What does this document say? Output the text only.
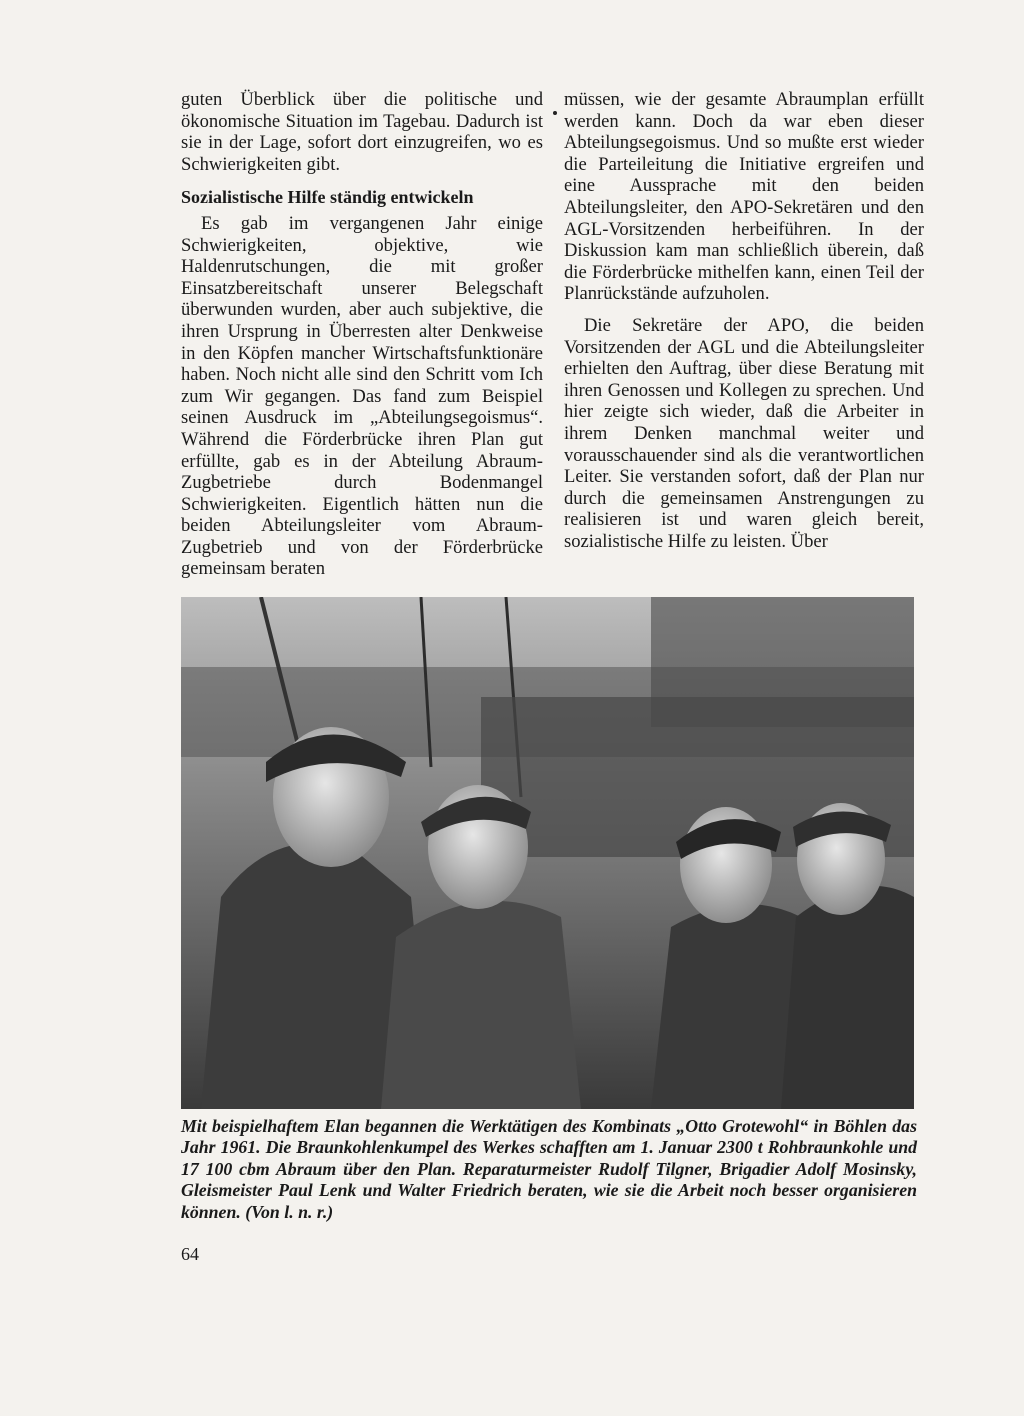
guten Überblick über die politische und ökonomische Situation im Tagebau. Dadurch ist sie in der Lage, sofort dort einzugreifen, wo es Schwierigkeiten gibt.

Sozialistische Hilfe ständig entwickeln

Es gab im vergangenen Jahr einige Schwierigkeiten, objektive, wie Haldenrutschungen, die mit großer Einsatzbereitschaft unserer Belegschaft überwunden wurden, aber auch subjektive, die ihren Ursprung in Überresten alter Denkweise in den Köpfen mancher Wirtschaftsfunktionäre haben. Noch nicht alle sind den Schritt vom Ich zum Wir gegangen. Das fand zum Beispiel seinen Ausdruck im „Abteilungsegoismus“. Während die Förderbrücke ihren Plan gut erfüllte, gab es in der Abteilung Abraum-Zugbetriebe durch Bodenmangel Schwierigkeiten. Eigentlich hätten nun die beiden Abteilungsleiter vom Abraum-Zugbetrieb und von der Förderbrücke gemeinsam beraten

müssen, wie der gesamte Abraumplan erfüllt werden kann. Doch da war eben dieser Abteilungsegoismus. Und so mußte erst wieder die Parteileitung die Initiative ergreifen und eine Aussprache mit den beiden Abteilungsleiter, den APO-Sekretären und den AGL-Vorsitzenden herbeiführen. In der Diskussion kam man schließlich überein, daß die Förderbrücke mithelfen kann, einen Teil der Planrückstände aufzuholen.

Die Sekretäre der APO, die beiden Vorsitzenden der AGL und die Abteilungsleiter erhielten den Auftrag, über diese Beratung mit ihren Genossen und Kollegen zu sprechen. Und hier zeigte sich wieder, daß die Arbeiter in ihrem Denken manchmal weiter und vorausschauender sind als die verantwortlichen Leiter. Sie verstanden sofort, daß der Plan nur durch die gemeinsamen Anstrengungen zu realisieren ist und waren gleich bereit, sozialistische Hilfe zu leisten. Über

Mit beispielhaftem Elan begannen die Werktätigen des Kombinats „Otto Grotewohl“ in Böhlen das Jahr 1961. Die Braunkohlenkumpel des Werkes schafften am 1. Januar 2300 t Rohbraunkohle und 17 100 cbm Abraum über den Plan. Reparaturmeister Rudolf Tilgner, Brigadier Adolf Mosinsky, Gleismeister Paul Lenk und Walter Friedrich beraten, wie sie die Arbeit noch besser organisieren können. (Von l. n. r.)
64
